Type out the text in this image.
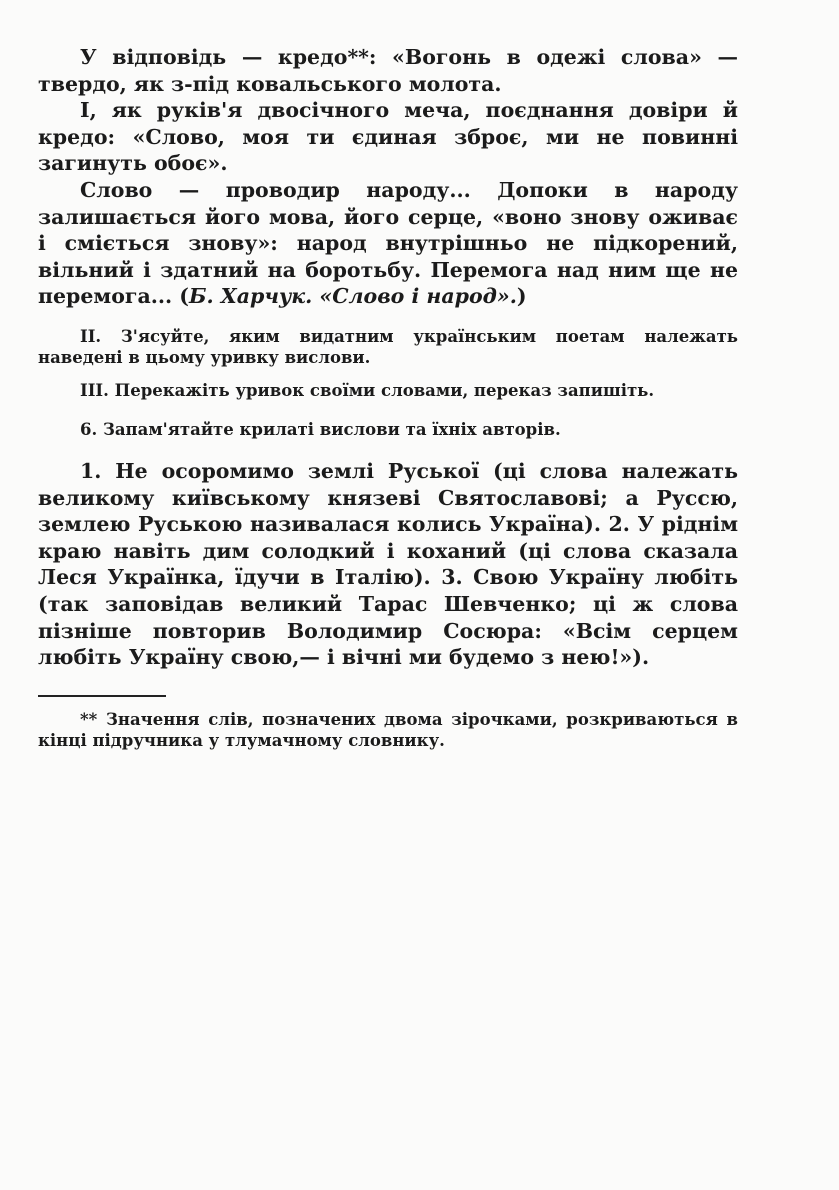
У відповідь — кредо**: «Вогонь в одежі слова» — твердо, як з-під ковальського молота.

І, як руків'я двосічного меча, поєднання довіри й кредо: «Слово, моя ти єдиная зброє, ми не повинні загинуть обоє».

Слово — проводир народу... Допоки в народу залишається його мова, його серце, «воно знову оживає і сміється знову»: народ внутрішньо не підкорений, вільний і здатний на боротьбу. Перемога над ним ще не перемога... (Б. Харчук. «Слово і народ».)

II. З'ясуйте, яким видатним українським поетам належать наведені в цьому уривку вислови.

III. Перекажіть уривок своїми словами, переказ запишіть.

6. Запам'ятайте крилаті вислови та їхніх авторів.

1. Не осоромимо землі Руської (ці слова належать великому київському князеві Святославові; а Руссю, землею Руською називалася колись Україна). 2. У ріднім краю навіть дим солодкий і коханий (ці слова сказала Леся Українка, їдучи в Італію). 3. Свою Україну любіть (так заповідав великий Тарас Шевченко; ці ж слова пізніше повторив Володимир Сосюра: «Всім серцем любіть Україну свою,— і вічні ми будемо з нею!»).

** Значення слів, позначених двома зірочками, розкриваються в кінці підручника у тлумачному словнику.
